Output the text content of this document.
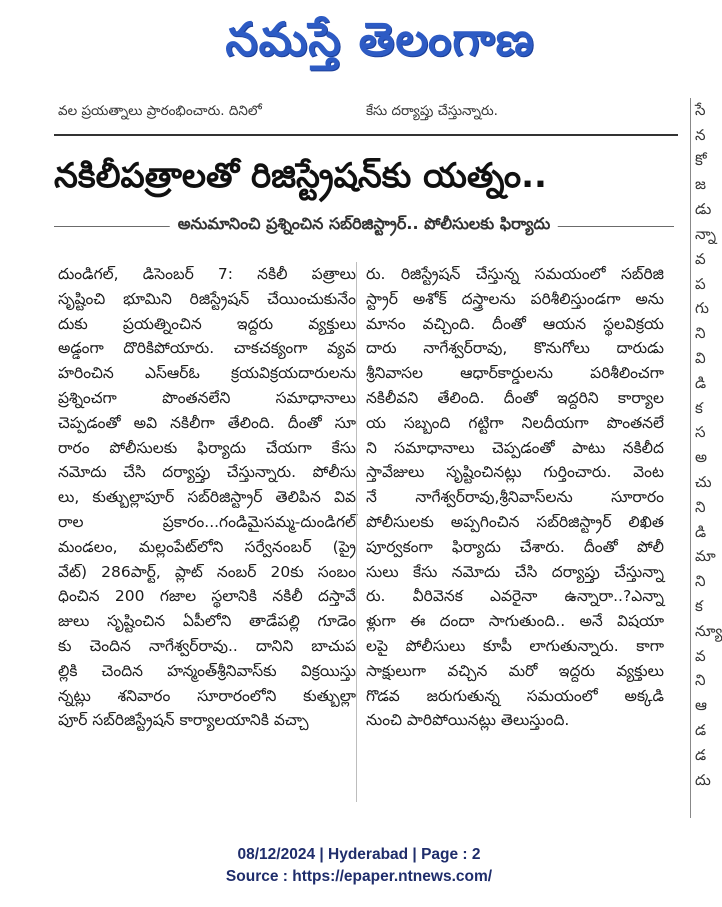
నమస్తే తెలంగాణ
వల ప్రయత్నాలు ప్రారంభించారు. దినిలో	కేసు దర్యాప్తు చేస్తున్నారు.
నకిలీపత్రాలతో రిజిస్ట్రేషన్‌కు యత్నం..
అనుమానించి ప్రశ్నించిన సబ్‌రిజిస్ట్రార్.. పోలీసులకు ఫిర్యాదు
దుండిగల్, డిసెంబర్ 7: నకిలీ పత్రాలు
సృష్టించి భూమిని రిజిస్ట్రేషన్ చేయించుకునేం
దుకు ప్రయత్నించిన ఇద్దరు వ్యక్తులు
అడ్డంగా దొరికిపోయారు. చాకచక్యంగా వ్యవ
హరించిన ఎస్ఆర్ఓ క్రయవిక్రయదారులను
ప్రశ్నించగా పొంతనలేని సమాధానాలు
చెప్పడంతో అవి నకిలీగా తేలింది. దీంతో సూ
రారం పోలీసులకు ఫిర్యాదు చేయగా కేసు
నమోదు చేసి దర్యాప్తు చేస్తున్నారు. పోలీసు
లు, కుత్బుల్లాపూర్ సబ్‌రిజిస్ట్రార్ తెలిపిన వివ
రాల ప్రకారం...గండిమైసమ్మ-దుండిగల్
మండలం, మల్లంపేట్‌లోని సర్వేనంబర్ (ప్రై
వేట్) 286పార్ట్, ప్లాట్ నంబర్ 20కు సంబం
ధించిన 200 గజాల స్థలానికి నకిలీ దస్తావే
జులు సృష్టించిన ఏపీలోని తాడేపల్లి గూడెం
కు చెందిన నాగేశ్వర్‌రావు.. దానిని బాచుప
ల్లికి చెందిన హన్మంత్‌శ్రీనివాస్‌కు విక్రయిస్తు
న్నట్లు శనివారం సూరారంలోని కుత్బుల్లా
పూర్ సబ్‌రిజిస్ట్రేషన్ కార్యాలయానికి వచ్చా
రు. రిజిస్ట్రేషన్ చేస్తున్న సమయంలో సబ్‌రిజి
స్ట్రార్ అశోక్ దస్త్రాలను పరిశీలిస్తుండగా అను
మానం వచ్చింది. దీంతో ఆయన స్థలవిక్రయ
దారు నాగేశ్వర్‌రావు, కొనుగోలు దారుడు
శ్రీనివాస‌ల ఆధార్‌కార్డులను పరిశీలించగా
నకిలీవని తేలింది. దీంతో ఇద్దరిని కార్యాల
య సబ్బంది గట్టిగా నిలదీయగా పొంతనలే
ని సమాధానాలు చెప్పడంతో పాటు నకిలీద
స్తావేజులు సృష్టించినట్లు గుర్తించారు. వెంట
నే నాగేశ్వర్‌రావు,శ్రీనివాస్‌లను సూరారం
పోలీసులకు అప్పగించిన సబ్‌రిజిస్ట్రార్ లిఖిత
పూర్వకంగా ఫిర్యాదు చేశారు. దీంతో పోలీ
సులు కేసు నమోదు చేసి దర్యాప్తు చేస్తున్నా
రు. వీరివెనక ఎవరైనా ఉన్నారా..?ఎన్నా
ళ్లుగా ఈ దందా సాగుతుంది.. అనే విషయా
లపై పోలీసులు కూపీ లాగుతున్నారు. కాగా
సాక్షులుగా వచ్చిన మరో ఇద్దరు వ్యక్తులు
గొడవ జరుగుతున్న సమయంలో అక్కడి
నుంచి పారిపోయినట్లు తెలుస్తుంది.
సే
న
కో
జ
డు
న్నా
వ
ప
గు
ని
వి
డి
క
స
అ
చు
ని
డి
మా
ని
క
న్యూ
వ
ని
ఆ
డ
డ
దు
08/12/2024 | Hyderabad | Page : 2
Source : https://epaper.ntnews.com/
